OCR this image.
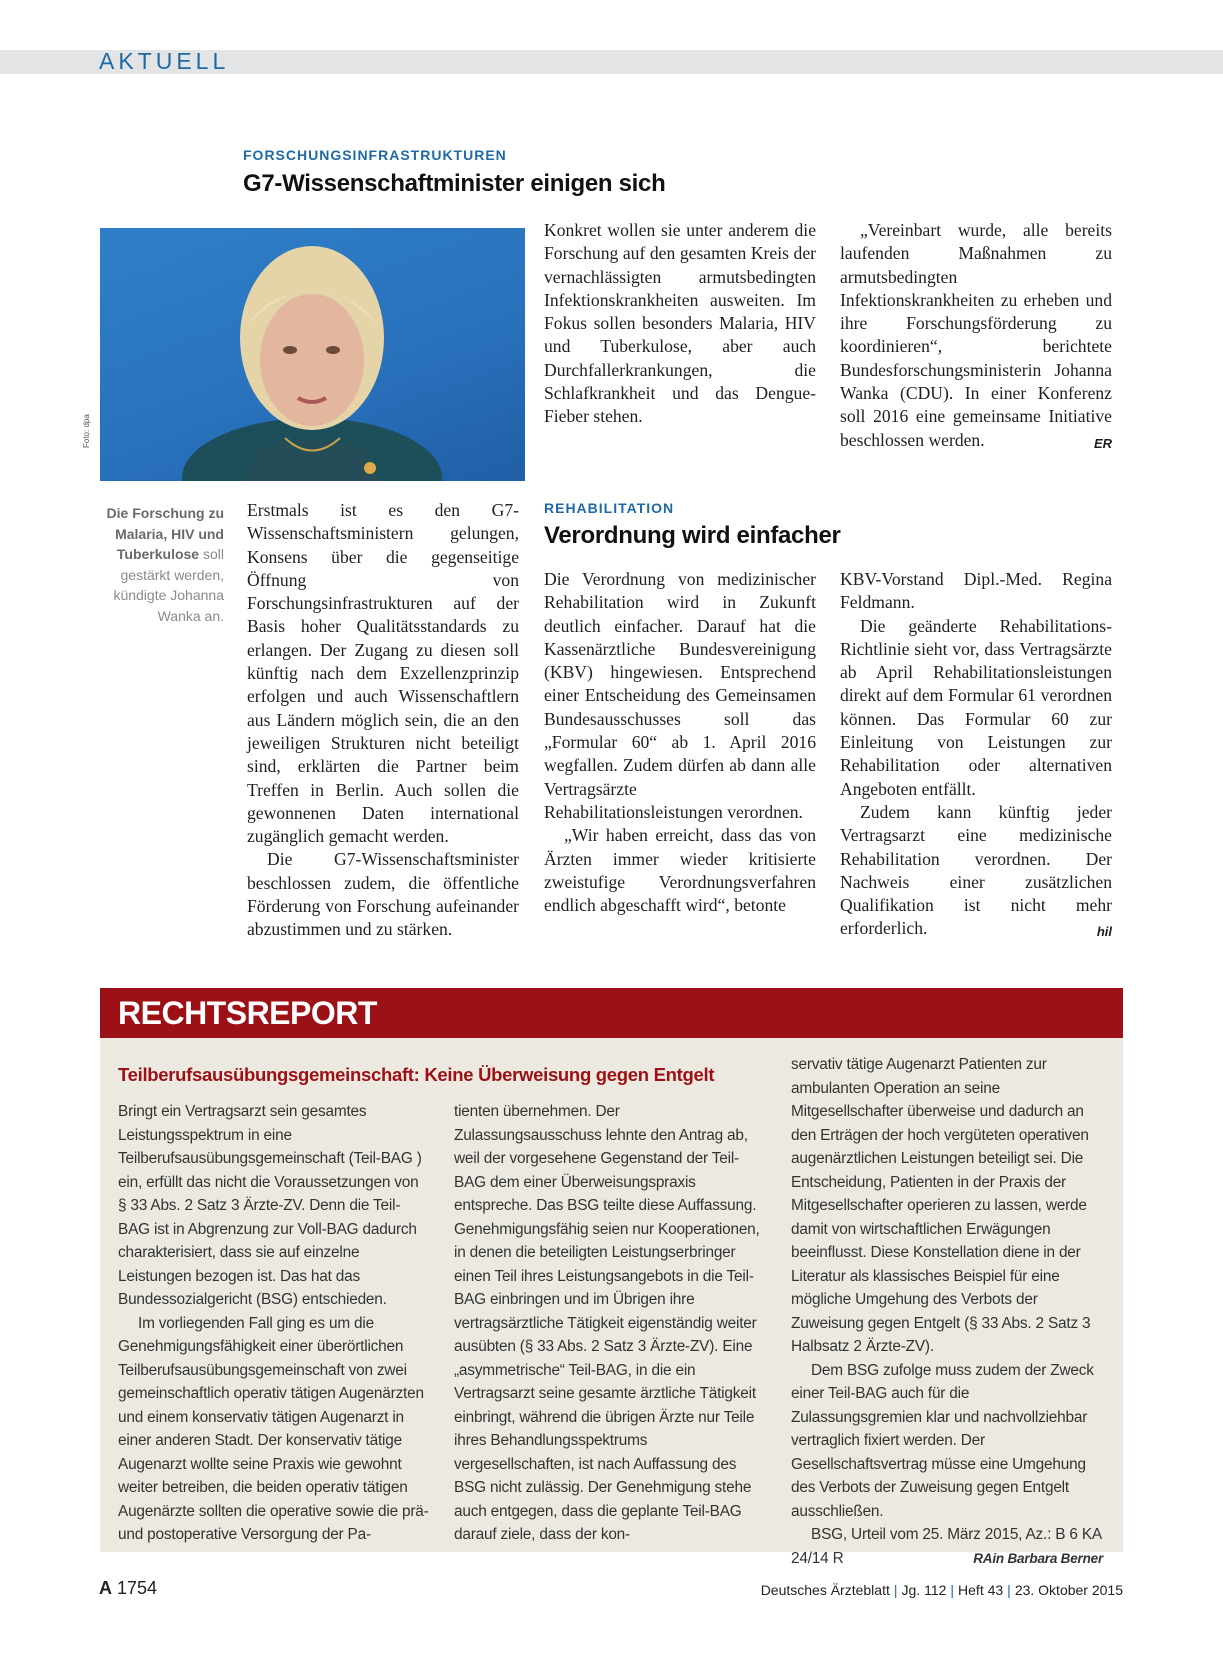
AKTUELL
FORSCHUNGSINFRASTRUKTUREN
G7-Wissenschaftminister einigen sich
Foto: dpa
Die Forschung zu Malaria, HIV und Tuberkulose soll gestärkt werden, kündigte Johanna Wanka an.

Erstmals ist es den G7-Wissenschaftsministern gelungen, Konsens über die gegenseitige Öffnung von Forschungsinfrastrukturen auf der Basis hoher Qualitätsstandards zu erlangen. Der Zugang zu diesen soll künftig nach dem Exzellenzprinzip erfolgen und auch Wissenschaftlern aus Ländern möglich sein, die an den jeweiligen Strukturen nicht beteiligt sind, erklärten die Partner beim Treffen in Berlin. Auch sollen die gewonnenen Daten international zugänglich gemacht werden.

Die G7-Wissenschaftsminister beschlossen zudem, die öffentliche Förderung von Forschung aufeinander abzustimmen und zu stärken.

Konkret wollen sie unter anderem die Forschung auf den gesamten Kreis der vernachlässigten armutsbedingten Infektionskrankheiten ausweiten. Im Fokus sollen besonders Malaria, HIV und Tuberkulose, aber auch Durchfallerkrankungen, die Schlafkrankheit und das Dengue-Fieber stehen.

„Vereinbart wurde, alle bereits laufenden Maßnahmen zu armutsbedingten Infektionskrankheiten zu erheben und ihre Forschungsförderung zu koordinieren“, berichtete Bundesforschungsministerin Johanna Wanka (CDU). In einer Konferenz soll 2016 eine gemeinsame Initiative beschlossen werden.	ER

REHABILITATION
Verordnung wird einfacher

Die Verordnung von medizinischer Rehabilitation wird in Zukunft deutlich einfacher. Darauf hat die Kassenärztliche Bundesvereinigung (KBV) hingewiesen. Entsprechend einer Entscheidung des Gemeinsamen Bundesausschusses soll das „Formular 60“ ab 1. April 2016 wegfallen. Zudem dürfen ab dann alle Vertragsärzte Rehabilitationsleistungen verordnen.

„Wir haben erreicht, dass das von Ärzten immer wieder kritisierte zweistufige Verordnungsverfahren endlich abgeschafft wird“, betonte

KBV-Vorstand Dipl.-Med. Regina Feldmann.

Die geänderte Rehabilitations-Richtlinie sieht vor, dass Vertragsärzte ab April Rehabilitationsleistungen direkt auf dem Formular 61 verordnen können. Das Formular 60 zur Einleitung von Leistungen zur Rehabilitation oder alternativen Angeboten entfällt.

Zudem kann künftig jeder Vertragsarzt eine medizinische Rehabilitation verordnen. Der Nachweis einer zusätzlichen Qualifikation ist nicht mehr erforderlich.	hil

RECHTSREPORT
Teilberufsausübungsgemeinschaft: Keine Überweisung gegen Entgelt

Bringt ein Vertragsarzt sein gesamtes Leistungsspektrum in eine Teilberufsausübungsgemeinschaft (Teil-BAG ) ein, erfüllt das nicht die Voraussetzungen von § 33 Abs. 2 Satz 3 Ärzte-ZV. Denn die Teil-BAG ist in Abgrenzung zur Voll-BAG dadurch charakterisiert, dass sie auf einzelne Leistungen bezogen ist. Das hat das Bundessozialgericht (BSG) entschieden.

Im vorliegenden Fall ging es um die Genehmigungsfähigkeit einer überörtlichen Teilberufsausübungsgemeinschaft von zwei gemeinschaftlich operativ tätigen Augenärzten und einem konservativ tätigen Augenarzt in einer anderen Stadt. Der konservativ tätige Augenarzt wollte seine Praxis wie gewohnt weiter betreiben, die beiden operativ tätigen Augenärzte sollten die operative sowie die prä- und postoperative Versorgung der Pa-

tienten übernehmen. Der Zulassungsausschuss lehnte den Antrag ab, weil der vorgesehene Gegenstand der Teil-BAG dem einer Überweisungspraxis entspreche. Das BSG teilte diese Auffassung. Genehmigungsfähig seien nur Kooperationen, in denen die beteiligten Leistungserbringer einen Teil ihres Leistungsangebots in die Teil-BAG einbringen und im Übrigen ihre vertragsärztliche Tätigkeit eigenständig weiter ausübten (§ 33 Abs. 2 Satz 3 Ärzte-ZV). Eine „asymmetrische“ Teil-BAG, in die ein Vertragsarzt seine gesamte ärztliche Tätigkeit einbringt, während die übrigen Ärzte nur Teile ihres Behandlungsspektrums vergesellschaften, ist nach Auffassung des BSG nicht zulässig. Der Genehmigung stehe auch entgegen, dass die geplante Teil-BAG darauf ziele, dass der kon-

servativ tätige Augenarzt Patienten zur ambulanten Operation an seine Mitgesellschafter überweise und dadurch an den Erträgen der hoch vergüteten operativen augenärztlichen Leistungen beteiligt sei. Die Entscheidung, Patienten in der Praxis der Mitgesellschafter operieren zu lassen, werde damit von wirtschaftlichen Erwägungen beeinflusst. Diese Konstellation diene in der Literatur als klassisches Beispiel für eine mögliche Umgehung des Verbots der Zuweisung gegen Entgelt (§ 33 Abs. 2 Satz 3 Halbsatz 2 Ärzte-ZV).

Dem BSG zufolge muss zudem der Zweck einer Teil-BAG auch für die Zulassungsgremien klar und nachvollziehbar vertraglich fixiert werden. Der Gesellschaftsvertrag müsse eine Umgehung des Verbots der Zuweisung gegen Entgelt ausschließen.

BSG, Urteil vom 25. März 2015, Az.: B 6 KA 24/14 R	RAin Barbara Berner

A 1754	Deutsches Ärzteblatt | Jg. 112 | Heft 43 | 23. Oktober 2015
